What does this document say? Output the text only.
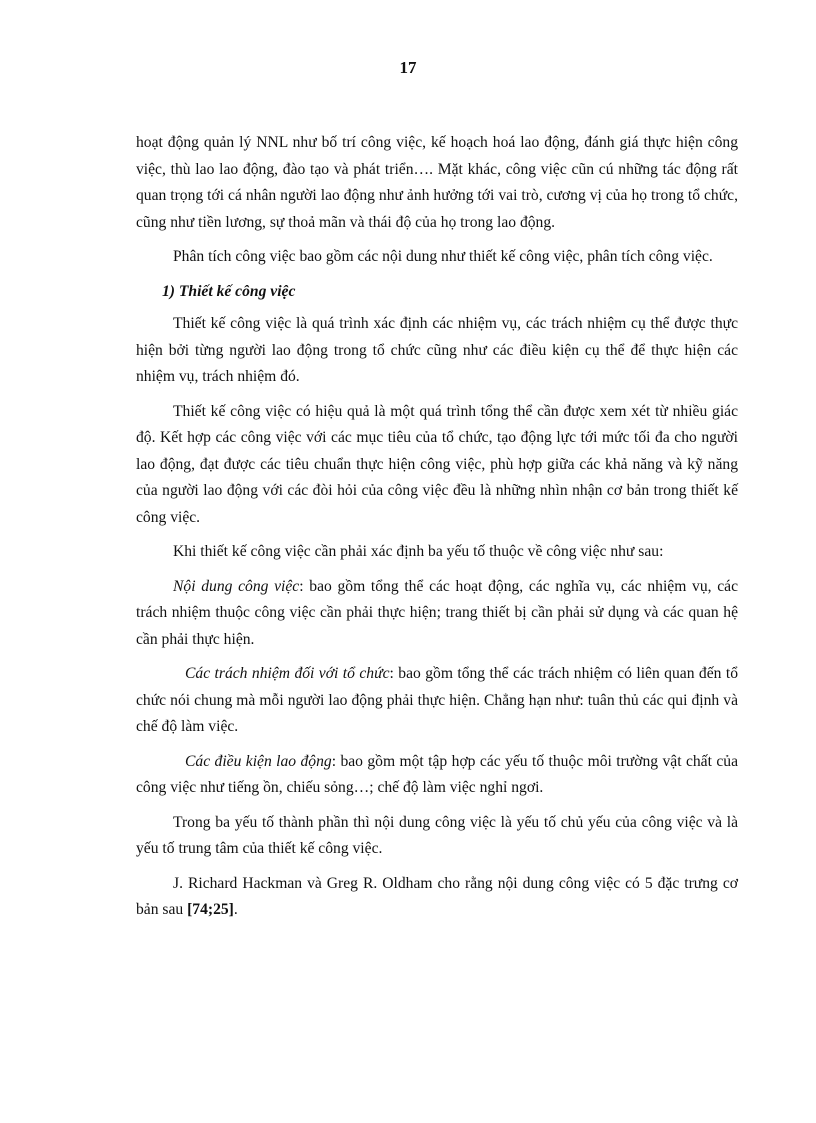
17

hoạt động quản lý NNL như bố trí công việc, kế hoạch hoá lao động, đánh giá thực hiện công việc, thù lao lao động, đào tạo và phát triển…. Mặt khác, công việc cũn cú những tác động rất quan trọng tới cá nhân người lao động như ảnh hưởng tới vai trò, cương vị của họ trong tổ chức, cũng như tiền lương, sự thoả mãn và thái độ của họ trong lao động.

Phân tích công việc bao gồm các nội dung như thiết kế công việc, phân tích công việc.

1) Thiết kế công việc

Thiết kế công việc là quá trình xác định các nhiệm vụ, các trách nhiệm cụ thể được thực hiện bởi từng người lao động trong tổ chức cũng như các điều kiện cụ thể để thực hiện các nhiệm vụ, trách nhiệm đó.

Thiết kế công việc có hiệu quả là một quá trình tổng thể cần được xem xét từ nhiều giác độ. Kết hợp các công việc với các mục tiêu của tổ chức, tạo động lực tới mức tối đa cho người lao động, đạt được các tiêu chuẩn thực hiện công việc, phù hợp giữa các khả năng và kỹ năng của người lao động với các đòi hỏi của công việc đều là những nhìn nhận cơ bản trong thiết kế công việc.

Khi thiết kế công việc cần phải xác định ba yếu tố thuộc về công việc như sau:

Nội dung công việc: bao gồm tổng thể các hoạt động, các nghĩa vụ, các nhiệm vụ, các trách nhiệm thuộc công việc cần phải thực hiện; trang thiết bị cần phải sử dụng và các quan hệ cần phải thực hiện.

Các trách nhiệm đối với tổ chức: bao gồm tổng thể các trách nhiệm có liên quan đến tổ chức nói chung mà mỗi người lao động phải thực hiện. Chẳng hạn như: tuân thủ các qui định và chế độ làm việc.

Các điều kiện lao động: bao gồm một tập hợp các yếu tố thuộc môi trường vật chất của công việc như tiếng ồn, chiếu sỏng…; chế độ làm việc nghỉ ngơi.

Trong ba yếu tố thành phần thì nội dung công việc là yếu tố chủ yếu của công việc và là yếu tố trung tâm của thiết kế công việc.

J. Richard Hackman và Greg R. Oldham cho rằng nội dung công việc có 5 đặc trưng cơ bản sau [74;25].
